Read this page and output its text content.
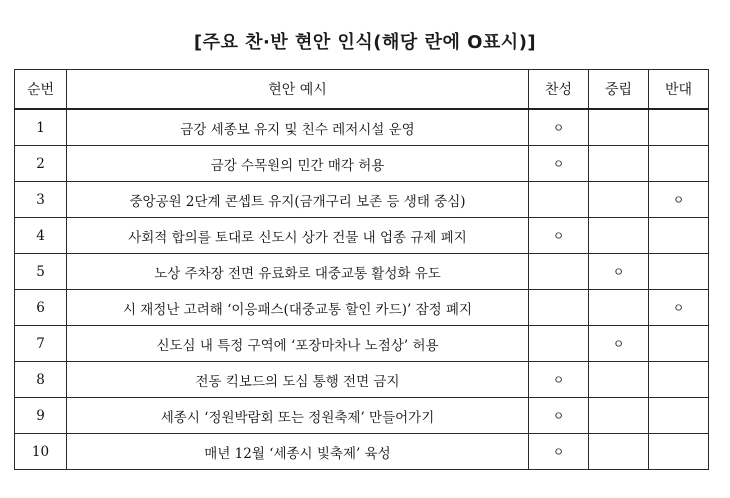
[주요 찬·반 현안 인식(해당 란에 O표시)]
순번	현안 예시	찬성	중립	반대
1	금강 세종보 유지 및 친수 레저시설 운영	ㅇ		
2	금강 수목원의 민간 매각 허용	ㅇ		
3	중앙공원 2단계 콘셉트 유지(금개구리 보존 등 생태 중심)			ㅇ
4	사회적 합의를 토대로 신도시 상가 건물 내 업종 규제 폐지	ㅇ		
5	노상 주차장 전면 유료화로 대중교통 활성화 유도		ㅇ	
6	시 재정난 고려해 ‘이응패스(대중교통 할인 카드)’ 잠정 폐지			ㅇ
7	신도심 내 특정 구역에 ‘포장마차나 노점상’ 허용		ㅇ	
8	전동 킥보드의 도심 통행 전면 금지	ㅇ		
9	세종시 ‘정원박람회 또는 정원축제’ 만들어가기	ㅇ		
10	매년 12월 ‘세종시 빛축제’ 육성	ㅇ		
